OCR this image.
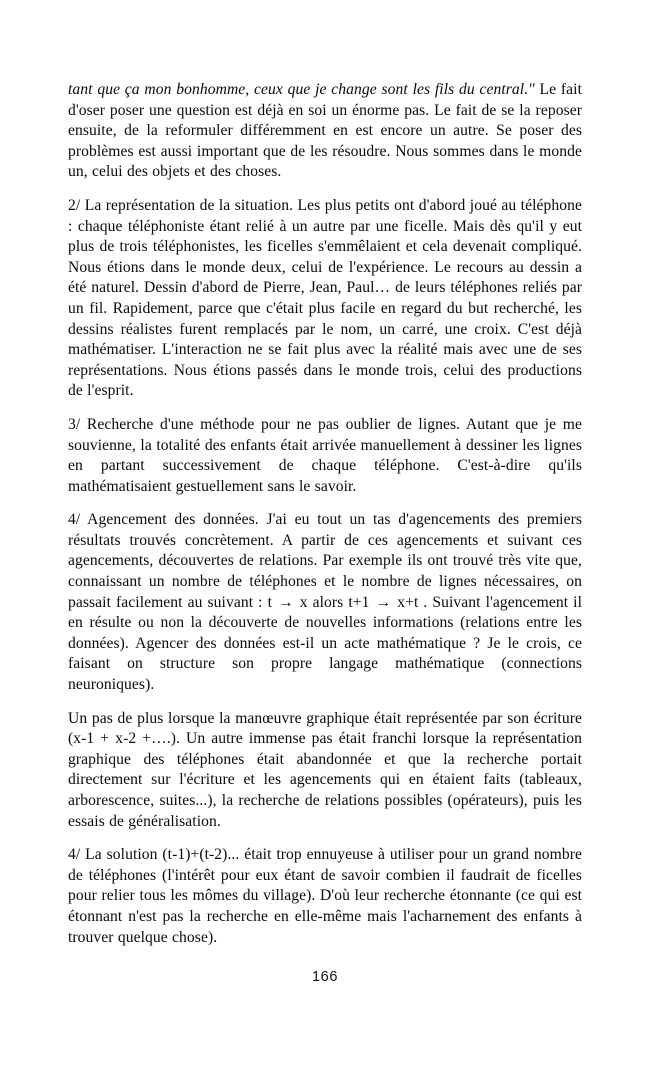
tant que ça mon bonhomme, ceux que je change sont les fils du central." Le fait d'oser poser une question est déjà en soi un énorme pas. Le fait de se la reposer ensuite, de la reformuler différemment en est encore un autre. Se poser des problèmes est aussi important que de les résoudre. Nous sommes dans le monde un, celui des objets et des choses.

2/ La représentation de la situation. Les plus petits ont d'abord joué au téléphone : chaque téléphoniste étant relié à un autre par une ficelle. Mais dès qu'il y eut plus de trois téléphonistes, les ficelles s'emmêlaient et cela devenait compliqué. Nous étions dans le monde deux, celui de l'expérience. Le recours au dessin a été naturel. Dessin d'abord de Pierre, Jean, Paul… de leurs téléphones reliés par un fil. Rapidement, parce que c'était plus facile en regard du but recherché, les dessins réalistes furent remplacés par le nom, un carré, une croix. C'est déjà mathématiser. L'interaction ne se fait plus avec la réalité mais avec une de ses représentations. Nous étions passés dans le monde trois, celui des productions de l'esprit.

3/ Recherche d'une méthode pour ne pas oublier de lignes. Autant que je me souvienne, la totalité des enfants était arrivée manuellement à dessiner les lignes en partant successivement de chaque téléphone. C'est-à-dire qu'ils mathématisaient gestuellement sans le savoir.

4/ Agencement des données. J'ai eu tout un tas d'agencements des premiers résultats trouvés concrètement. A partir de ces agencements et suivant ces agencements, découvertes de relations. Par exemple ils ont trouvé très vite que, connaissant un nombre de téléphones et le nombre de lignes nécessaires, on passait facilement au suivant : t → x alors t+1 → x+t . Suivant l'agencement il en résulte ou non la découverte de nouvelles informations (relations entre les données). Agencer des données est-il un acte mathématique ? Je le crois, ce faisant on structure son propre langage mathématique (connections neuroniques).

Un pas de plus lorsque la manœuvre graphique était représentée par son écriture (x-1 + x-2 +….). Un autre immense pas était franchi lorsque la représentation graphique des téléphones était abandonnée et que la recherche portait directement sur l'écriture et les agencements qui en étaient faits (tableaux, arborescence, suites...), la recherche de relations possibles (opérateurs), puis les essais de généralisation.

4/ La solution (t-1)+(t-2)... était trop ennuyeuse à utiliser pour un grand nombre de téléphones (l'intérêt pour eux étant de savoir combien il faudrait de ficelles pour relier tous les mômes du village). D'où leur recherche étonnante (ce qui est étonnant n'est pas la recherche en elle-même mais l'acharnement des enfants à trouver quelque chose).

166
